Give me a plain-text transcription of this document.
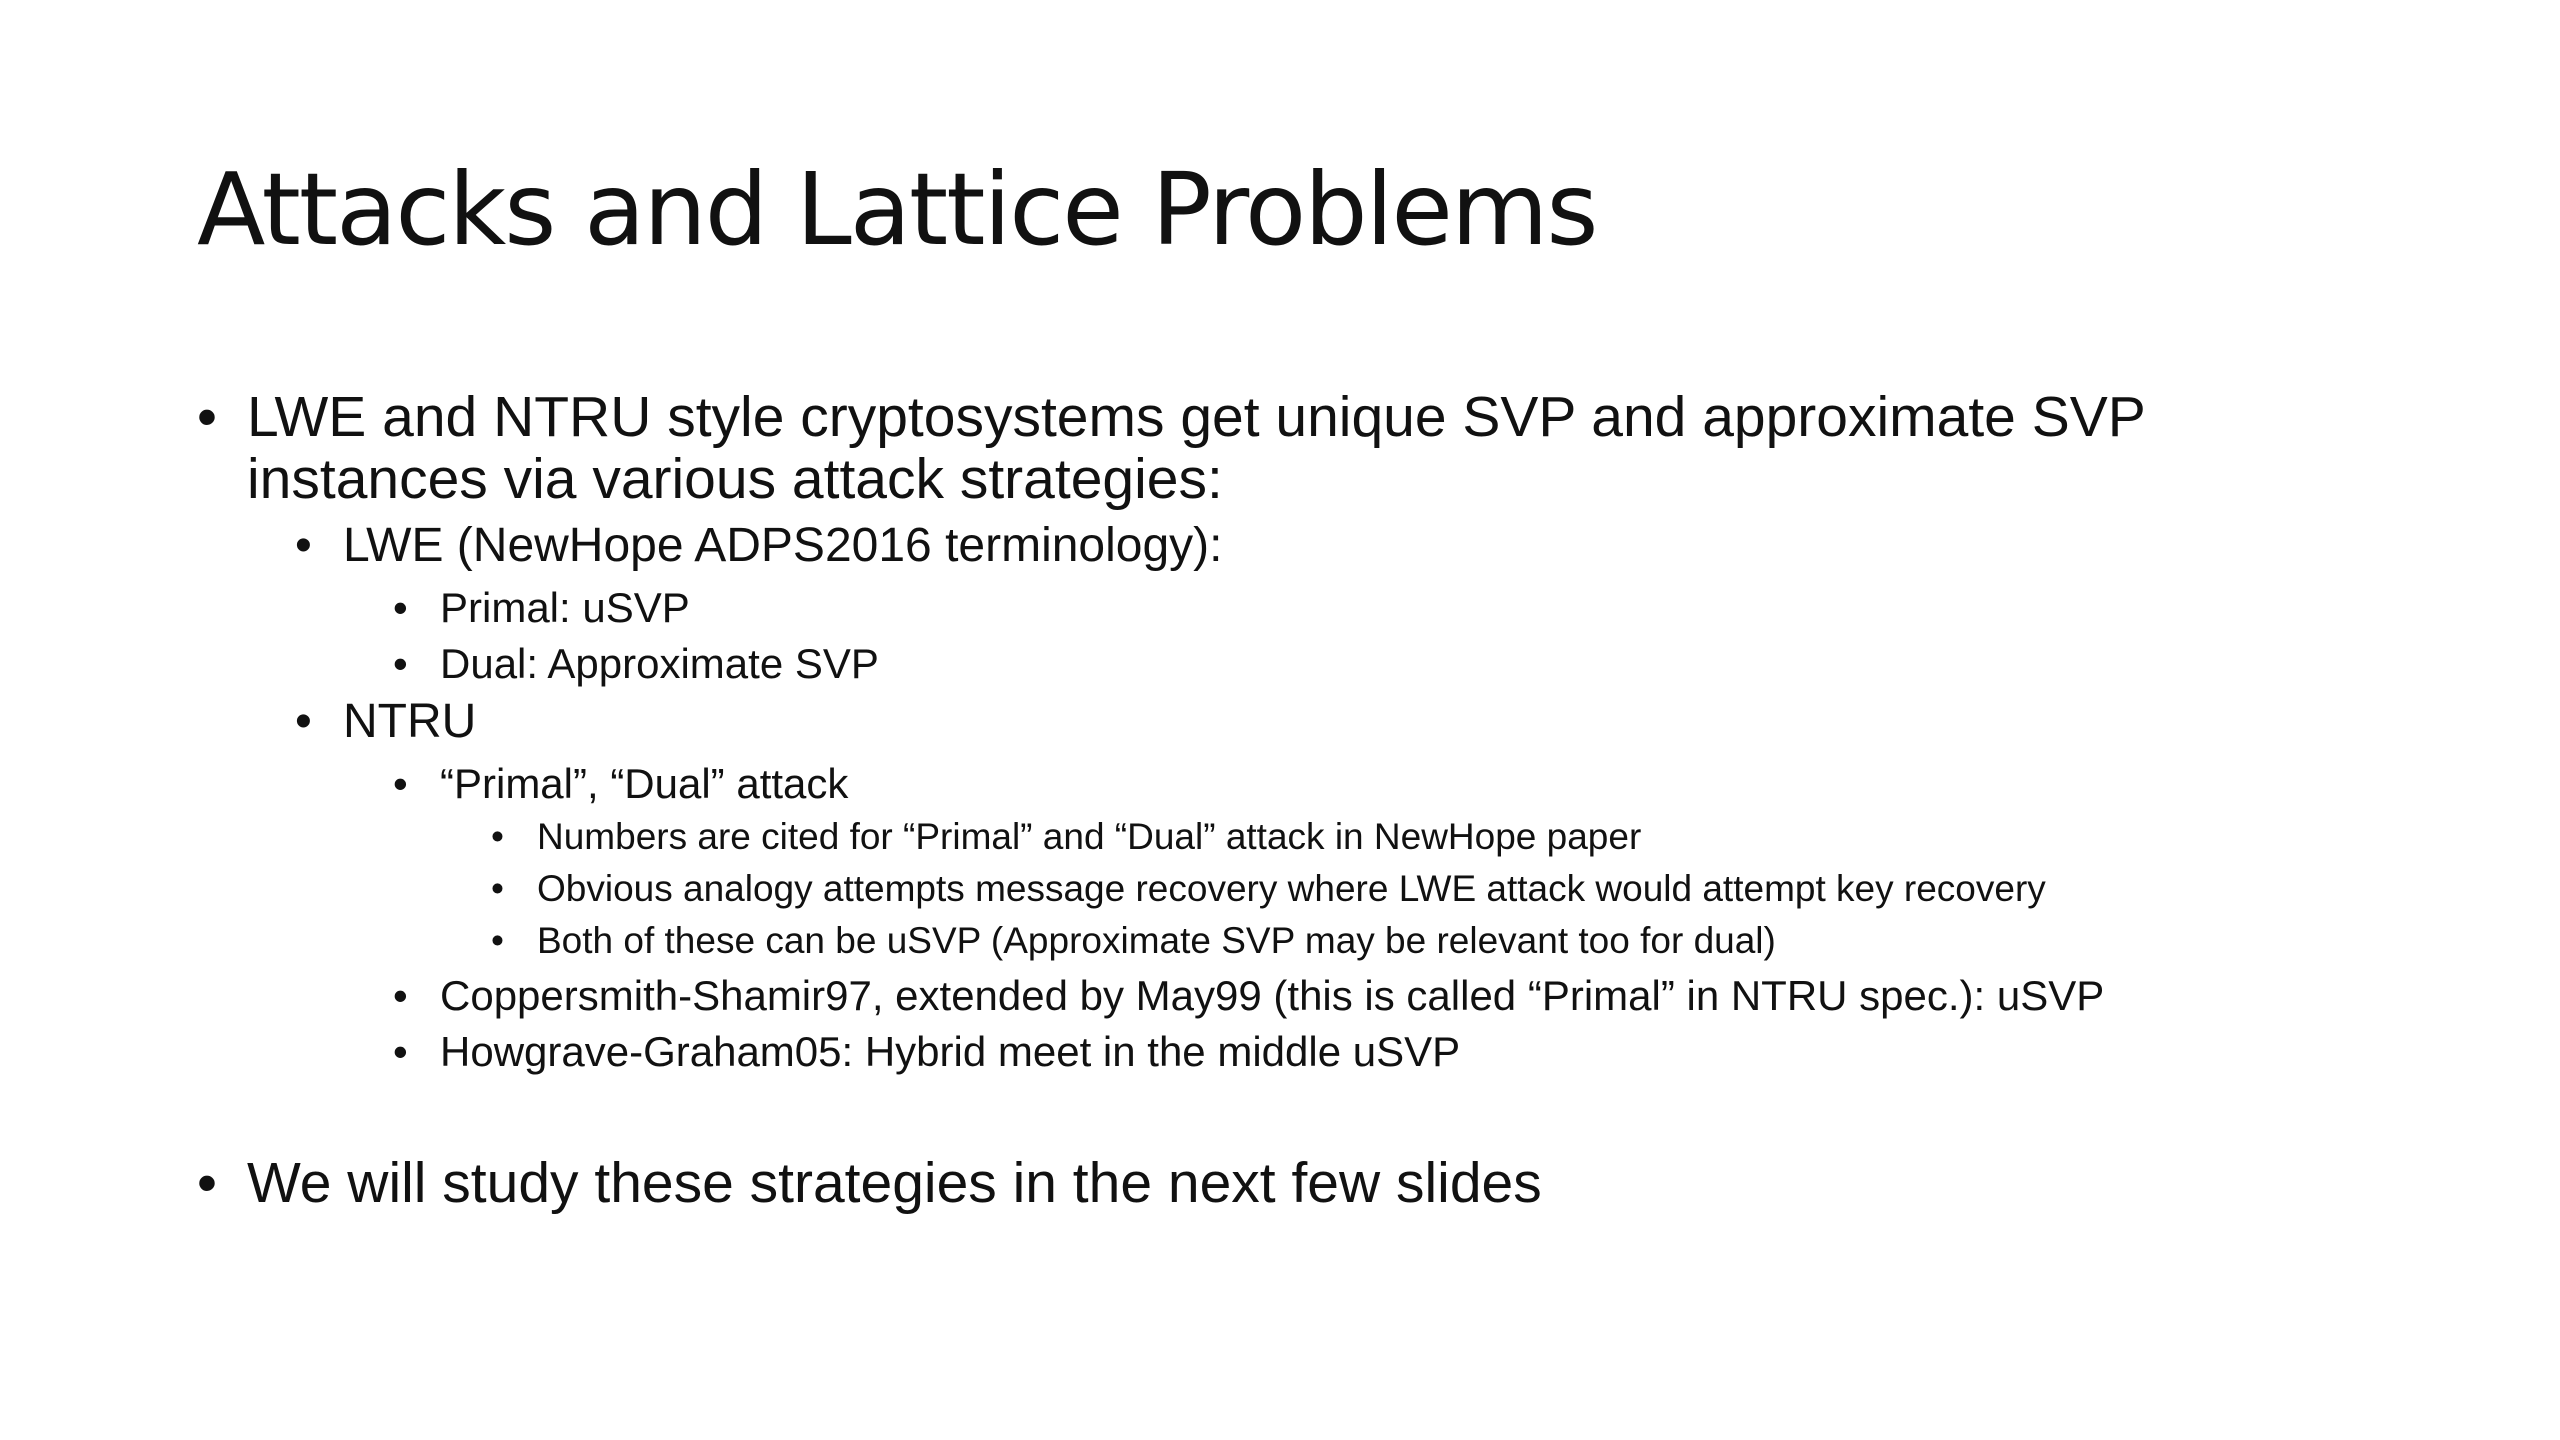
Attacks and Lattice Problems
• LWE and NTRU style cryptosystems get unique SVP and approximate SVP
instances via various attack strategies:
• LWE (NewHope ADPS2016 terminology):
• Primal: uSVP
• Dual: Approximate SVP
• NTRU
• “Primal”, “Dual” attack
• Numbers are cited for “Primal” and “Dual” attack in NewHope paper
• Obvious analogy attempts message recovery where LWE attack would attempt key recovery
• Both of these can be uSVP (Approximate SVP may be relevant too for dual)
• Coppersmith-Shamir97, extended by May99 (this is called “Primal” in NTRU spec.): uSVP
• Howgrave-Graham05: Hybrid meet in the middle uSVP
• We will study these strategies in the next few slides
